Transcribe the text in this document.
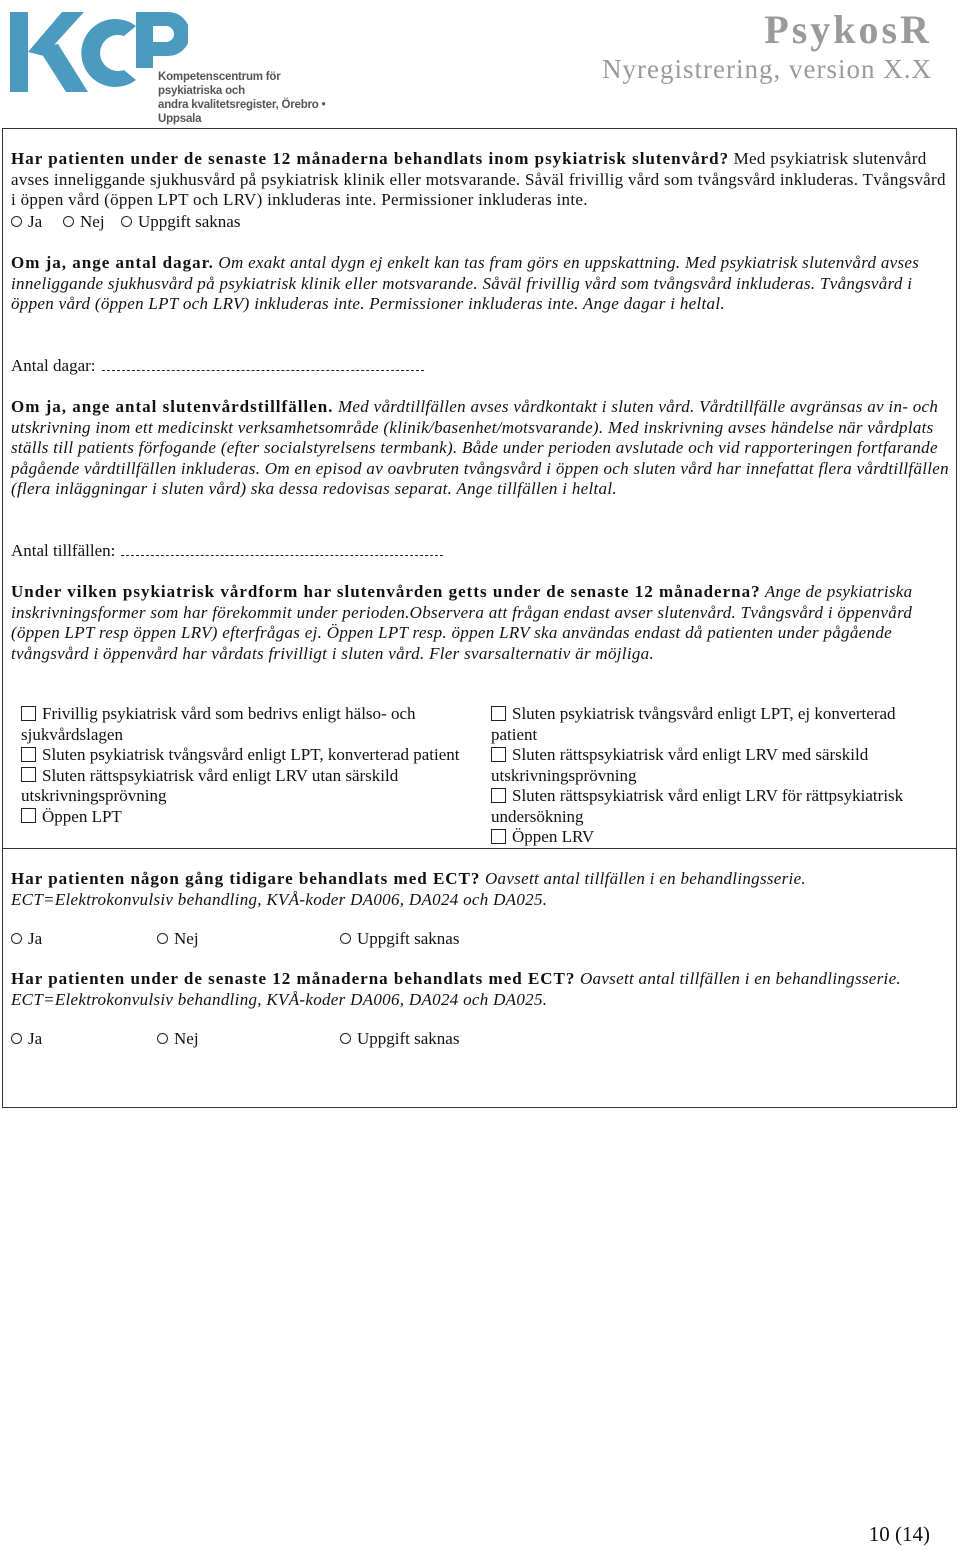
Kompetenscentrum för psykiatriska och
andra kvalitetsregister, Örebro • Uppsala
PsykosR
Nyregistrering, version X.X
Har patienten under de senaste 12 månaderna behandlats inom psykiatrisk slutenvård? Med psykiatrisk slutenvård avses inneliggande sjukhusvård på psykiatrisk klinik eller motsvarande. Såväl frivillig vård som tvångsvård inkluderas. Tvångsvård i öppen vård (öppen LPT och LRV) inkluderas inte. Permissioner inkluderas inte.
Ja	Nej	Uppgift saknas
Om ja, ange antal dagar. Om exakt antal dygn ej enkelt kan tas fram görs en uppskattning. Med psykiatrisk slutenvård avses inneliggande sjukhusvård på psykiatrisk klinik eller motsvarande. Såväl frivillig vård som tvångsvård inkluderas. Tvångsvård i öppen vård (öppen LPT och LRV) inkluderas inte. Permissioner inkluderas inte. Ange dagar i heltal.
Antal dagar:
Om ja, ange antal slutenvårdstillfällen. Med vårdtillfällen avses vårdkontakt i sluten vård. Vårdtillfälle avgränsas av in- och utskrivning inom ett medicinskt verksamhetsområde (klinik/basenhet/motsvarande). Med inskrivning avses händelse när vårdplats ställs till patients förfogande (efter socialstyrelsens termbank). Både under perioden avslutade och vid rapporteringen fortfarande pågående vårdtillfällen inkluderas. Om en episod av oavbruten tvångsvård i öppen och sluten vård har innefattat flera vårdtillfällen (flera inläggningar i sluten vård) ska dessa redovisas separat. Ange tillfällen i heltal.
Antal tillfällen:
Under vilken psykiatrisk vårdform har slutenvården getts under de senaste 12 månaderna? Ange de psykiatriska inskrivningsformer som har förekommit under perioden.Observera att frågan endast avser slutenvård. Tvångsvård i öppenvård (öppen LPT resp öppen LRV) efterfrågas ej. Öppen LPT resp. öppen LRV ska användas endast då patienten under pågående tvångsvård i öppenvård har vårdats frivilligt i sluten vård. Fler svarsalternativ är möjliga.
Frivillig psykiatrisk vård som bedrivs enligt hälso- och sjukvårdslagen
Sluten psykiatrisk tvångsvård enligt LPT, konverterad patient
Sluten rättspsykiatrisk vård enligt LRV utan särskild utskrivningsprövning
Öppen LPT
Sluten psykiatrisk tvångsvård enligt LPT, ej konverterad patient
Sluten rättspsykiatrisk vård enligt LRV med särskild utskrivningsprövning
Sluten rättspsykiatrisk vård enligt LRV för rättpsykiatrisk undersökning
Öppen LRV
Har patienten någon gång tidigare behandlats med ECT? Oavsett antal tillfällen i en behandlingsserie. ECT=Elektrokonvulsiv behandling, KVÅ-koder DA006, DA024 och DA025.
Ja	Nej	Uppgift saknas
Har patienten under de senaste 12 månaderna behandlats med ECT? Oavsett antal tillfällen i en behandlingsserie. ECT=Elektrokonvulsiv behandling, KVÅ-koder DA006, DA024 och DA025.
Ja	Nej	Uppgift saknas
10 (14)
